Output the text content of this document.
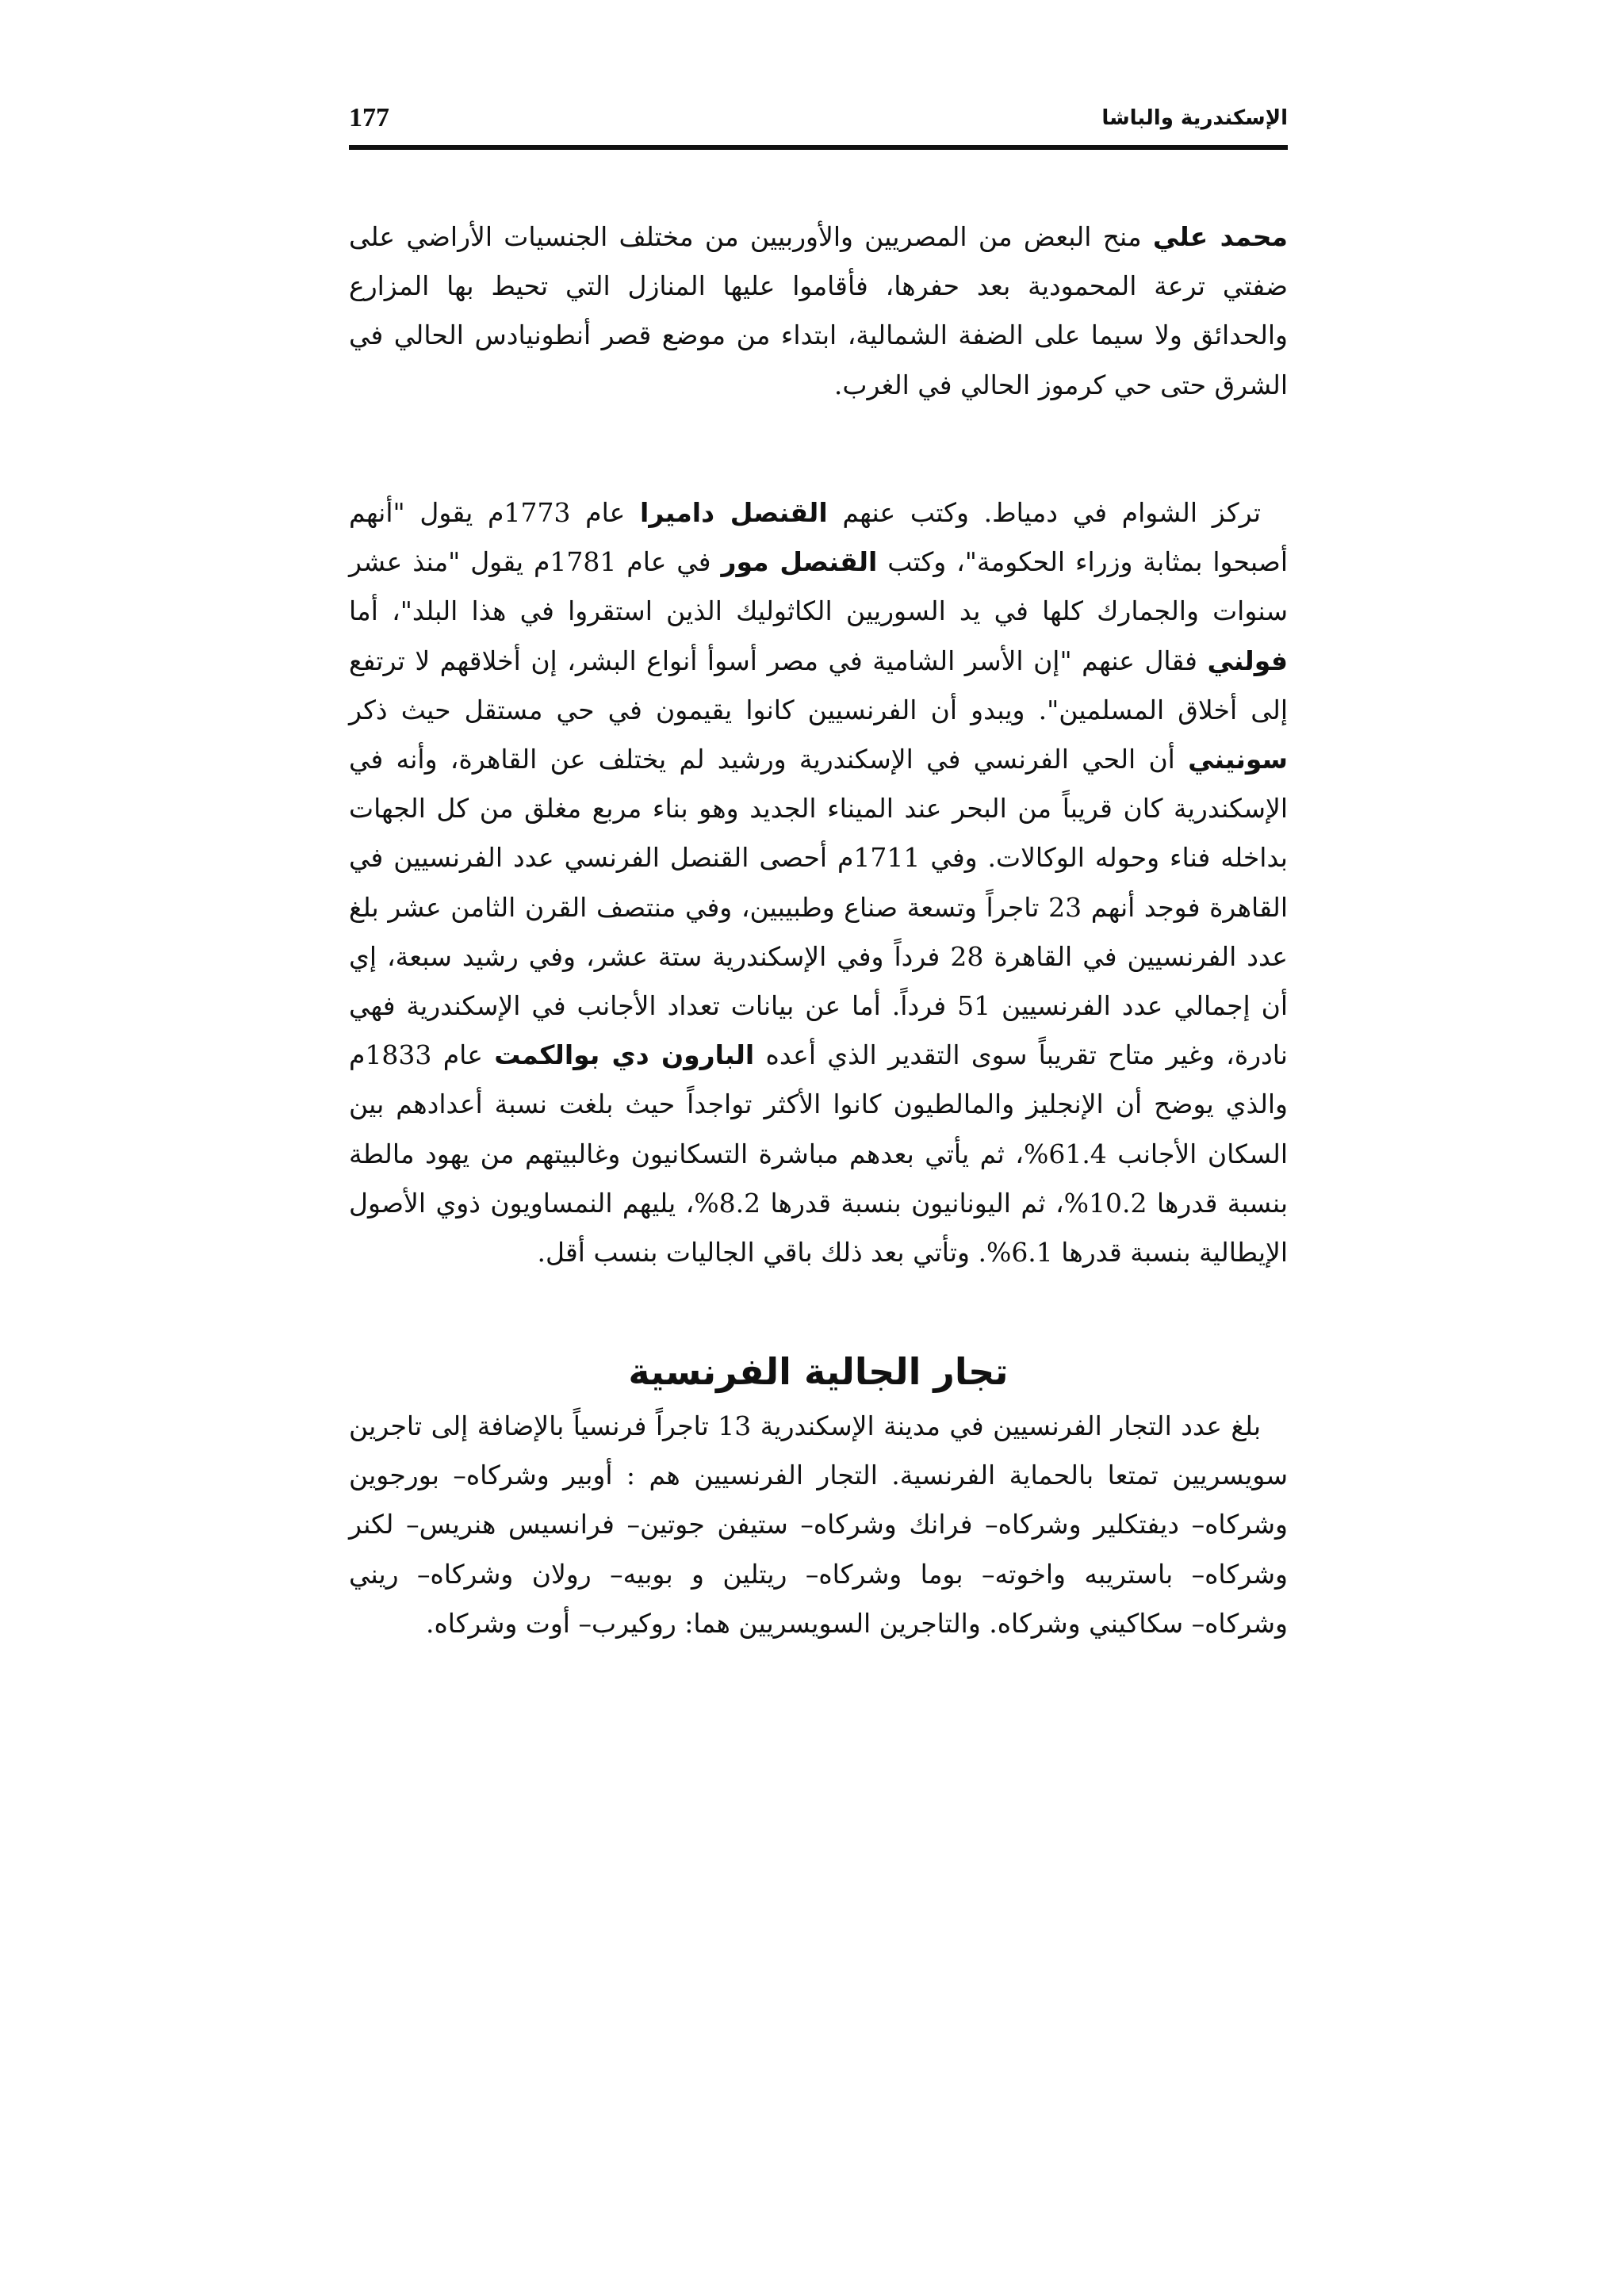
الإسكندرية والباشا
177

محمد علي منح البعض من المصريين والأوربيين من مختلف الجنسيات الأراضي على ضفتي ترعة المحمودية بعد حفرها، فأقاموا عليها المنازل التي تحيط بها المزارع والحدائق ولا سيما على الضفة الشمالية، ابتداء من موضع قصر أنطونيادس الحالي في الشرق حتى حي كرموز الحالي في الغرب.

تركز الشوام في دمياط. وكتب عنهم القنصل داميرا عام 1773م يقول "أنهم أصبحوا بمثابة وزراء الحكومة"، وكتب القنصل مور في عام 1781م يقول "منذ عشر سنوات والجمارك كلها في يد السوريين الكاثوليك الذين استقروا في هذا البلد"، أما فولني فقال عنهم "إن الأسر الشامية في مصر أسوأ أنواع البشر، إن أخلاقهم لا ترتفع إلى أخلاق المسلمين". ويبدو أن الفرنسيين كانوا يقيمون في حي مستقل حيث ذكر سونيني أن الحي الفرنسي في الإسكندرية ورشيد لم يختلف عن القاهرة، وأنه في الإسكندرية كان قريباً من البحر عند الميناء الجديد وهو بناء مربع مغلق من كل الجهات بداخله فناء وحوله الوكالات. وفي 1711م أحصى القنصل الفرنسي عدد الفرنسيين في القاهرة فوجد أنهم 23 تاجراً وتسعة صناع وطبيبين، وفي منتصف القرن الثامن عشر بلغ عدد الفرنسيين في القاهرة 28 فرداً وفي الإسكندرية ستة عشر، وفي رشيد سبعة، إي أن إجمالي عدد الفرنسيين 51 فرداً. أما عن بيانات تعداد الأجانب في الإسكندرية فهي نادرة، وغير متاح تقريباً سوى التقدير الذي أعده البارون دي بوالكمت عام 1833م والذي يوضح أن الإنجليز والمالطيون كانوا الأكثر تواجداً حيث بلغت نسبة أعدادهم بين السكان الأجانب 61.4%، ثم يأتي بعدهم مباشرة التسكانيون وغالبيتهم من يهود مالطة بنسبة قدرها 10.2%، ثم اليونانيون بنسبة قدرها 8.2%، يليهم النمساويون ذوي الأصول الإيطالية بنسبة قدرها 6.1%. وتأتي بعد ذلك باقي الجاليات بنسب أقل.

تجار الجالية الفرنسية

بلغ عدد التجار الفرنسيين في مدينة الإسكندرية 13 تاجراً فرنسياً بالإضافة إلى تاجرين سويسريين تمتعا بالحماية الفرنسية. التجار الفرنسيين هم : أوبير وشركاه– بورجوين وشركاه– ديفتكلير وشركاه– فرانك وشركاه– ستيفن جوتين– فرانسيس هنريس– لكنر وشركاه– باستريبه واخوته– بوما وشركاه– ريتلين و بوبيه– رولان وشركاه– ريني وشركاه– سكاكيني وشركاه. والتاجرين السويسريين هما: روكيرب– أوت وشركاه.
